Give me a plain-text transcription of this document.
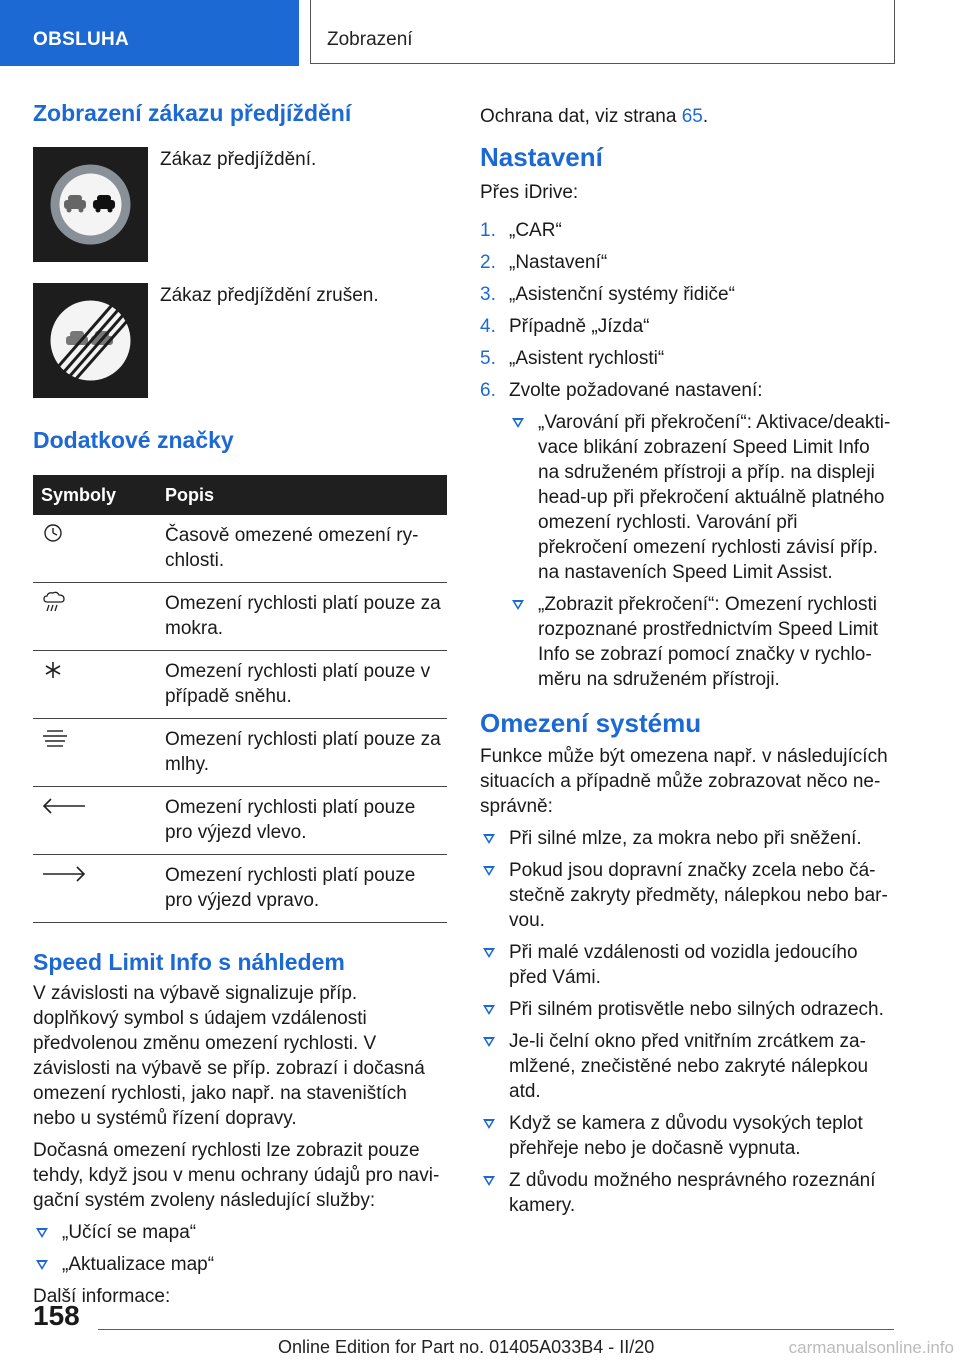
OBSLUHA	Zobrazení
Zobrazení zákazu předjíždění
Zákaz předjíždění.
Zákaz předjíždění zrušen.
Dodatkové značky
Symboly	Popis
	Časově omezené omezení rychlosti.
	Omezení rychlosti platí pouze za mokra.
	Omezení rychlosti platí pouze v případě sněhu.
	Omezení rychlosti platí pouze za mlhy.
	Omezení rychlosti platí pouze pro výjezd vlevo.
	Omezení rychlosti platí pouze pro výjezd vpravo.
Speed Limit Info s náhledem

V závislosti na výbavě signalizuje příp. doplňkový symbol s údajem vzdálenosti předvolenou změnu omezení rychlosti. V závislosti na výbavě se příp. zobrazí i dočasná omezení rychlosti, jako např. na staveništích nebo u systémů řízení dopravy.

Dočasná omezení rychlosti lze zobrazit pouze tehdy, když jsou v menu ochrany údajů pro navigační systém zvoleny následující služby:

„Učící se mapa“
„Aktualizace map“

Další informace:

Ochrana dat, viz strana 65.

Nastavení

Přes iDrive:

1. „CAR“
2. „Nastavení“
3. „Asistenční systémy řidiče“
4. Případně „Jízda“
5. „Asistent rychlosti“
6. Zvolte požadované nastavení:
„Varování při překročení“: Aktivace/deaktivace blikání zobrazení Speed Limit Info na sdruženém přístroji a příp. na displeji head-up při překročení aktuálně platného omezení rychlosti. Varování při překročení omezení rychlosti závisí příp. na nastaveních Speed Limit Assist.
„Zobrazit překročení“: Omezení rychlosti rozpoznané prostřednictvím Speed Limit Info se zobrazí pomocí značky v rychloměru na sdruženém přístroji.
Omezení systému

Funkce může být omezena např. v následujících situacích a případně může zobrazovat něco nesprávně:

Při silné mlze, za mokra nebo při sněžení.
Pokud jsou dopravní značky zcela nebo částečně zakryty předměty, nálepkou nebo barvou.
Při malé vzdálenosti od vozidla jedoucího před Vámi.
Při silném protisvětle nebo silných odrazech.
Je-li čelní okno před vnitřním zrcátkem zamlžené, znečistěné nebo zakryté nálepkou atd.
Když se kamera z důvodu vysokých teplot přehřeje nebo je dočasně vypnuta.
Z důvodu možného nesprávného rozeznání kamery.
158
Online Edition for Part no. 01405A033B4 - II/20	carmanualsonline.info
